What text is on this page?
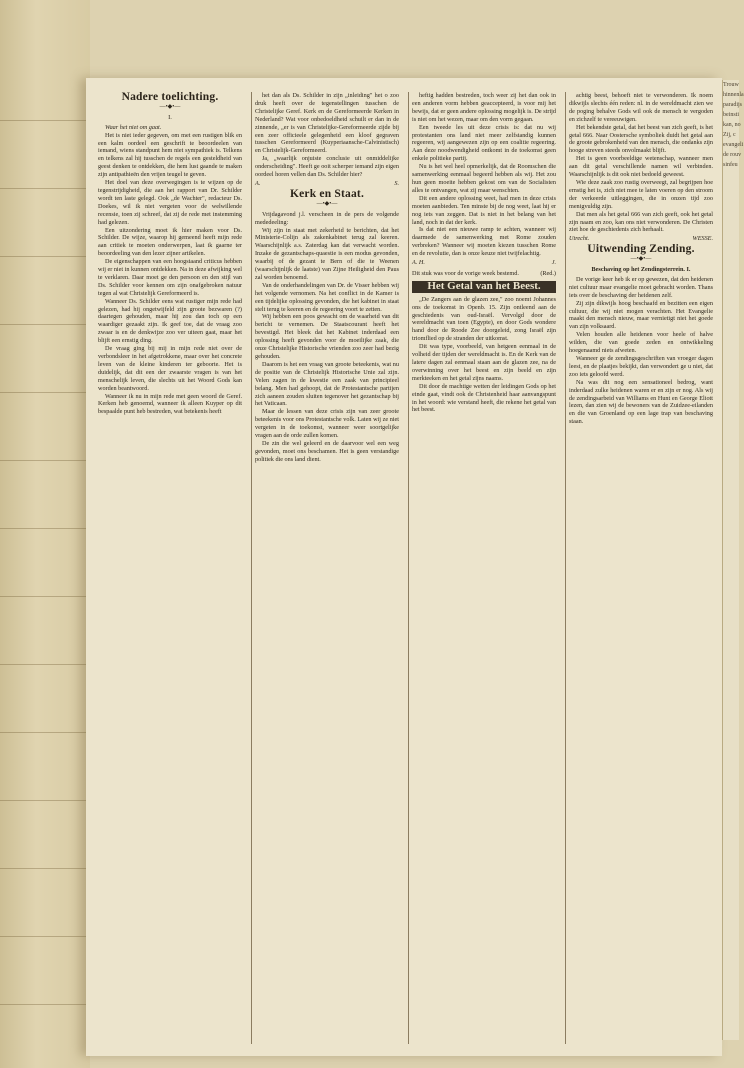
Trouw
hinnenla
paradijs
beinsti
kan, no
Zij, c
evangeli
de rouv
sinfeu
Nadere toelichting.
—•◆•—
I.

Waar het niet om gaat.

Het is niet ieder gegeven, om met een rustigen blik en een kalm oordeel een geschrift te beoordeelen van iemand, wiens standpunt hem niet sympathiek is. Telkens en telkens zal hij tusschen de regels een gesteldheid van geest denken te ontdekken, die hem lust gaande te maken zijn antipathieën den vrijen teugel te geven.

Het doel van deze overwegingen is te wijzen op de tegenstrijdigheid, die aan het rapport van Dr. Schilder wordt ten laste gelegd. Ook „de Wachter", redacteur Ds. Doekes, wil ik niet vergeten voor de welwillende recensie, toen zij schreef, dat zij de rede met instemming had gelezen.

Een uitzondering moet ik hier maken voor Ds. Schilder. De wijze, waarop hij gemeend heeft mijn rede aan critiek te moeten onderwerpen, laat ik gaarne ter beoordeeling van den lezer zijner artikelen.

De eigenschappen van een hoogstaand criticus hebben wij er niet in kunnen ontdekken. Na in deze afwijking wel te verklaren. Daar moet ge den persoon en den stijl van Ds. Schilder voor kennen om zijn onafgebroken natuur tegen al wat Christelijk Gereformeerd is.

Wanneer Ds. Schilder eens wat rustiger mijn rede had gelezen, had hij ongetwijfeld zijn groote bezwaren (?) daartegen gehouden, maar hij zou dan toch op een waardiger gezaakt zijn. Ik geef toe, dat de vraag zoo zwaar is en de denkwijze zoo ver uiteen gaat, maar het blijft een ernstig ding.

De vraag ging bij mij in mijn rede niet over de verbondsleer in het afgetrokkene, maar over het concrete leven van de kleine kinderen ter geboorte. Het is duidelijk, dat dit een der zwaarste vragen is van het menschelijk leven, die slechts uit het Woord Gods kan worden beantwoord.

Wanneer ik nu in mijn rede met geen woord de Geref. Kerken heb genoemd, wanneer ik alleen Kuyper op dit bespaalde punt heb bestreden, wat betekenis heeft

het dan als Ds. Schilder in zijn „inleiding" het o zoo druk heeft over de tegenstellingen tusschen de Christelijke Geref. Kerk en de Gereformeerde Kerken in Nederland? Wat voor onbedoeldheid schuilt er dan in de zinnende, „er is van Christelijke-Gereformeerde zijde bij een zeer officieele gelegenheid een kloof gegraven tusschen Gereformeerd (Kuyperiaansche-Calvinistisch) en Christelijk-Gereformeerd.

Ja, „waarlijk onjuiste conclusie uit onmiddelijke onderscheiding". Heeft ge ooit scherper iemand zijn eigen oordeel horen vellen dan Ds. Schilder hier?

A.	S.
Kerk en Staat.
—•◆•—

Vrijdagavond j.l. verscheen in de pers de volgende mededeeling:

Wij zijn in staat met zekerheid te berichten, dat het Ministerie-Colijn als zakenkabinet terug zal keeren. Waarschijnlijk a.s. Zaterdag kan dat verwacht worden. Inzake de gezantschaps-quaestie is een modus gevonden, waarbij of de gezant te Bern of die te Weenen (waarschijnlijk de laatste) van Zijne Heiligheid den Paus zal worden benoemd.

Van de onderhandelingen van Dr. de Visser hebben wij het volgende vernomen. Na het conflict in de Kamer is een tijdelijke oplossing gevonden, die het kabinet in staat stelt terug te keeren en de regeering voort te zetten.

Wij hebben een poos gewacht om de waarheid van dit bericht te vernemen. De Staatscourant heeft het bevestigd. Het bleek dat het Kabinet inderdaad een oplossing heeft gevonden voor de moeilijke zaak, die onze Christelijke Historische vrienden zoo zeer had bezig gehouden.

Daarom is het een vraag van groote beteekenis, wat nu de positie van de Christelijk Historische Unie zal zijn. Velen zagen in de kwestie een zaak van principieel belang. Men had gehoopt, dat de Protestantsche partijen zich aaneen zouden sluiten tegenover het gezantschap bij het Vaticaan.

Maar de lessen van deze crisis zijn van zeer groote beteekenis voor ons Protestantsche volk. Laten wij ze niet vergeten in de toekomst, wanneer weer soortgelijke vragen aan de orde zullen komen.

De zin die wel geleerd en de daarvoor wel een weg gevonden, moet ons beschamen. Het is geen verstandige politiek die ons land dient.

heftig hadden bestreden, toch weer zij het dan ook in een anderen vorm hebben geaccepteerd, is voor mij het bewijs, dat er geen andere oplossing mogelijk is. De strijd is niet om het wezen, maar om den vorm gegaan.

Een tweede les uit deze crisis is: dat nu wij protestanten ons land niet meer zelfstandig kunnen regeeren, wij aangewezen zijn op een coalitie regeering. Aan deze noodwendigheid ontkomt in de toekomst geen enkele politieke partij.

Nu is het wel heel opmerkelijk, dat de Roomschen die samenwerking eenmaal begeerd hebben als wij. Het zou hun geen moeite hebben gekost om van de Socialisten alles te ontvangen, wat zij maar wenschten.

Dit een andere oplossing weet, had men in deze crisis moeten aanbieden. Ten minste bij de nog weet, laat hij er nog iets van zeggen. Dat is niet in het belang van het land, noch in dat der kerk.

Is dat niet een nieuwe ramp te achten, wanneer wij daarmede de samenwerking met Rome zouden verbreken? Wanneer wij moeten kiezen tusschen Rome en de revolutie, dan is onze keuze niet twijfelachtig.

A. H.	J.
Dit stuk was voor de vorige week bestemd.	(Red.)
Het Getal van het Beest.

„De Zangers aan de glazen zee," zoo noemt Johannes ons de toekomst in Openb. 15. Zijn ontleend aan de geschiedenis van oud-Israël. Vervolgd door de wereldmacht van toen (Egypte), en door Gods wondere hand door de Roode Zee doorgeleid, zong Israël zijn triomflied op de stranden der uitkomst.

Dit was type, voorbeeld, van hetgeen eenmaal in de volheid der tijden der wereldmacht is. En de Kerk van de latere dagen zal eenmaal staan aan de glazen zee, na de overwinning over het beest en zijn beeld en zijn merkteeken en het getal zijns naams.

Dit door de machtige wetten der leidingen Gods op het einde gaat, vindt ook de Christenheid haar aanvangspunt in het woord: wie verstand heeft, die rekene het getal van het beest.

achtig beest, behoeft niet te verwonderen. Ik noem dikwijls slechts één reden: nl. in de wereldmacht zien we de poging behalve Gods wil ook de mensch te vergoden en zichzelf te vereeuwigen.

Het bekendste getal, dat het beest van zich geeft, is het getal 666. Naar Oostersche symboliek duidt het getal aan de groote gebrokenheid van den mensch, die ondanks zijn hooge streven steeds onvolmaakt blijft.

Het is geen voorbeeldige wetenschap, wanneer men aan dit getal verschillende namen wil verbinden. Waarschijnlijk is dit ook niet bedoeld geweest.

Wie deze zaak zoo rustig overweegt, zal begrijpen hoe ernstig het is, zich niet mee te laten voeren op den stroom der verkeerde uitleggingen, die in onzen tijd zoo menigvuldig zijn.

Dat men als het getal 666 van zich geeft, ook het getal zijn naam en zoo, kan ons niet verwonderen. De Christen ziet hoe de geschiedenis zich herhaalt.

Utrecht.	WESSE.
Uitwending Zending.
—•◆•—

Beschaving op het Zendingsterrein. I.

De vorige keer heb ik er op gewezen, dat den heidenen niet cultuur maar evangelie moet gebracht worden. Thans iets over de beschaving der heidenen zelf.

Zij zijn dikwijls hoog beschaafd en bezitten een eigen cultuur, die wij niet mogen verachten. Het Evangelie maakt den mensch nieuw, maar vernietigt niet het goede van zijn volksaard.

Velen houden alle heidenen voor heele of halve wilden, die van goede zeden en ontwikkeling hoegenaamd niets afweten.

Wanneer ge de zendingsgeschriften van vroeger dagen leest, en de plaatjes bekijkt, dan verwondert ge u niet, dat zoo iets geloofd werd.

Na was dit nog een sensationeel bedrog, want inderdaad zulke heidenen waren er en zijn er nog. Als wij de zendingsarbeid van Williams en Hunt en George Eliott lezen, dan zien wij de bewoners van de Zuidzee-eilanden en die van Groenland op een lage trap van beschaving staan.
